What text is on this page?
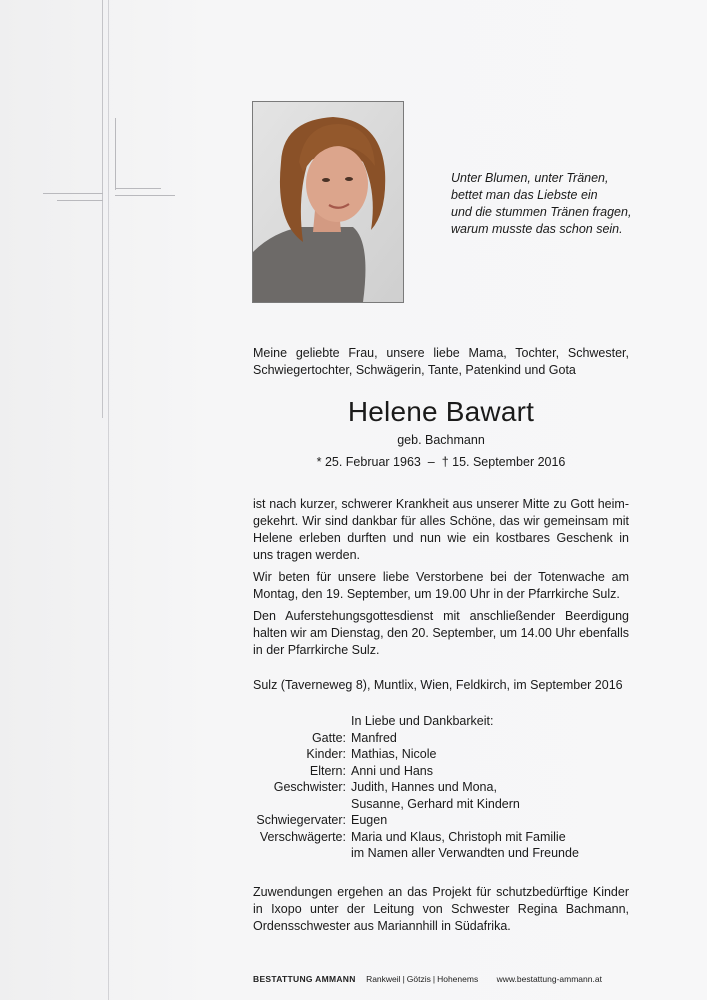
Unter Blumen, unter Tränen,
bettet man das Liebste ein
und die stummen Tränen fragen,
warum musste das schon sein.
Meine geliebte Frau, unsere liebe Mama, Tochter, Schwester,
Schwiegertochter, Schwägerin, Tante, Patenkind und Gota
Helene Bawart
geb. Bachmann
* 25. Februar 1963  –  † 15. September 2016
ist nach kurzer, schwerer Krankheit aus unserer Mitte zu Gott heim-
gekehrt. Wir sind dankbar für alles Schöne, das wir gemeinsam mit
Helene erleben durften und nun wie ein kostbares Geschenk in
uns tragen werden.
Wir beten für unsere liebe Verstorbene bei der Totenwache am
Montag, den 19. September, um 19.00 Uhr in der Pfarrkirche Sulz.
Den Auferstehungsgottesdienst mit anschließender Beerdigung
halten wir am Dienstag, den 20. September, um 14.00 Uhr ebenfalls
in der Pfarrkirche Sulz.
Sulz (Taverneweg 8), Muntlix, Wien, Feldkirch, im September 2016
In Liebe und Dankbarkeit:
Gatte: Manfred
Kinder: Mathias, Nicole
Eltern: Anni und Hans
Geschwister: Judith, Hannes und Mona,
Susanne, Gerhard mit Kindern
Schwiegervater: Eugen
Verschwägerte: Maria und Klaus, Christoph mit Familie
im Namen aller Verwandten und Freunde
Zuwendungen ergehen an das Projekt für schutzbedürftige Kinder
in Ixopo unter der Leitung von Schwester Regina Bachmann,
Ordensschwester aus Mariannhill in Südafrika.
BESTATTUNG AMMANN Rankweil | Götzis | Hohenems www.bestattung-ammann.at
